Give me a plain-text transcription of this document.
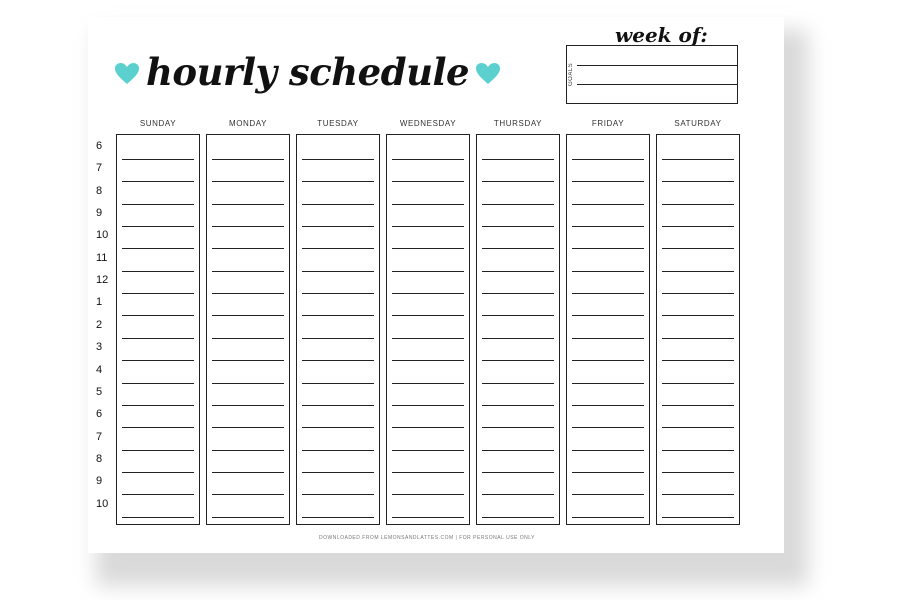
hourly schedule
week of:
GOALS
SUNDAY	MONDAY	TUESDAY	WEDNESDAY	THURSDAY	FRIDAY	SATURDAY
6
7
8
9
10
11
12
1
2
3
4
5
6
7
8
9
10
DOWNLOADED FROM LEMONSANDLATTES.COM | FOR PERSONAL USE ONLY
